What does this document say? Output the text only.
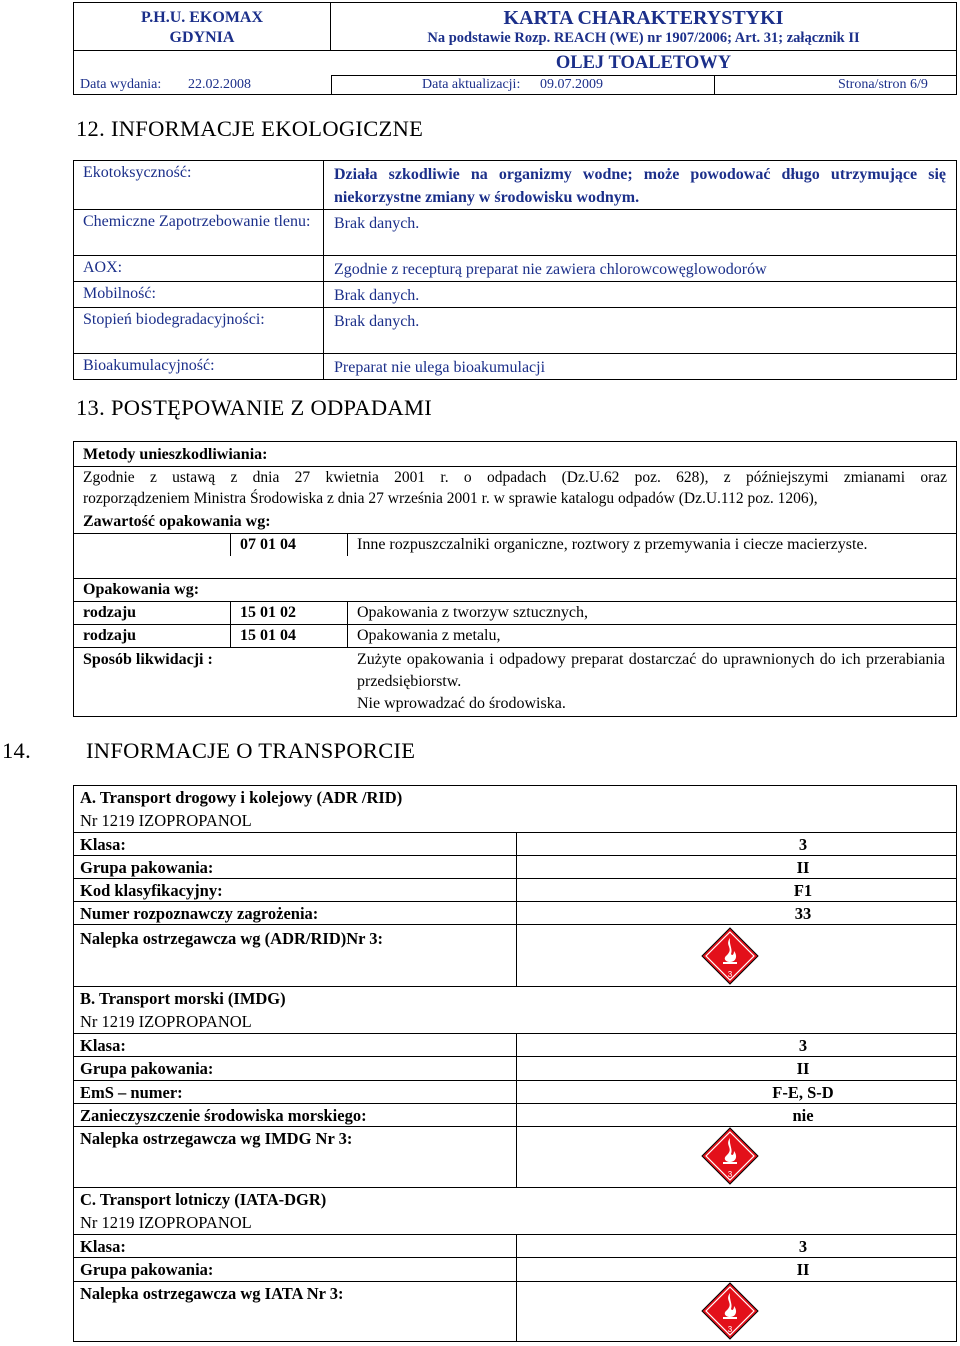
P.H.U. EKOMAX
GDYNIA
KARTA CHARAKTERYSTYKI
Na podstawie Rozp. REACH (WE) nr 1907/2006; Art. 31; załącznik II
OLEJ TOALETOWY
Data wydania: 22.02.2008	Data aktualizacji: 09.07.2009	Strona/stron 6/9
12. INFORMACJE EKOLOGICZNE
Ekotoksyczność:	Działa szkodliwie na organizmy wodne; może powodować długo utrzymujące się niekorzystne zmiany w środowisku wodnym.
Chemiczne Zapotrzebowanie tlenu:	Brak danych.
AOX:	Zgodnie z recepturą preparat nie zawiera chlorowcowęglowodorów
Mobilność:	Brak danych.
Stopień biodegradacyjności:	Brak danych.
Bioakumulacyjność:	Preparat nie ulega bioakumulacji
13. POSTĘPOWANIE Z ODPADAMI
Metody unieszkodliwiania:
Zgodnie z ustawą z dnia 27 kwietnia 2001 r. o odpadach (Dz.U.62 poz. 628), z późniejszymi zmianami oraz
rozporządzeniem Ministra Środowiska z dnia 27 września 2001 r. w sprawie katalogu odpadów (Dz.U.112 poz. 1206),
Zawartość opakowania wg:
07 01 04	Inne rozpuszczalniki organiczne, roztwory z przemywania i ciecze macierzyste.
Opakowania wg:
rodzaju	15 01 02	Opakowania z tworzyw sztucznych,
rodzaju	15 01 04	Opakowania z metalu,
Sposób likwidacji :	Zużyte opakowania i odpadowy preparat dostarczać do uprawnionych do ich przerabiania przedsiębiorstw.
Nie wprowadzać do środowiska.
14. INFORMACJE O TRANSPORCIE
A. Transport drogowy i kolejowy (ADR /RID)
Nr 1219 IZOPROPANOL
Klasa:	3
Grupa pakowania:	II
Kod klasyfikacyjny:	F1
Numer rozpoznawczy zagrożenia:	33
Nalepka ostrzegawcza wg (ADR/RID)Nr 3:
B. Transport morski (IMDG)
Nr 1219 IZOPROPANOL
Klasa:	3
Grupa pakowania:	II
EmS – numer:	F-E, S-D
Zanieczyszczenie środowiska morskiego:	nie
Nalepka ostrzegawcza wg IMDG Nr 3:
C. Transport lotniczy (IATA-DGR)
Nr 1219 IZOPROPANOL
Klasa:	3
Grupa pakowania:	II
Nalepka ostrzegawcza wg IATA Nr 3:
3
3
3
